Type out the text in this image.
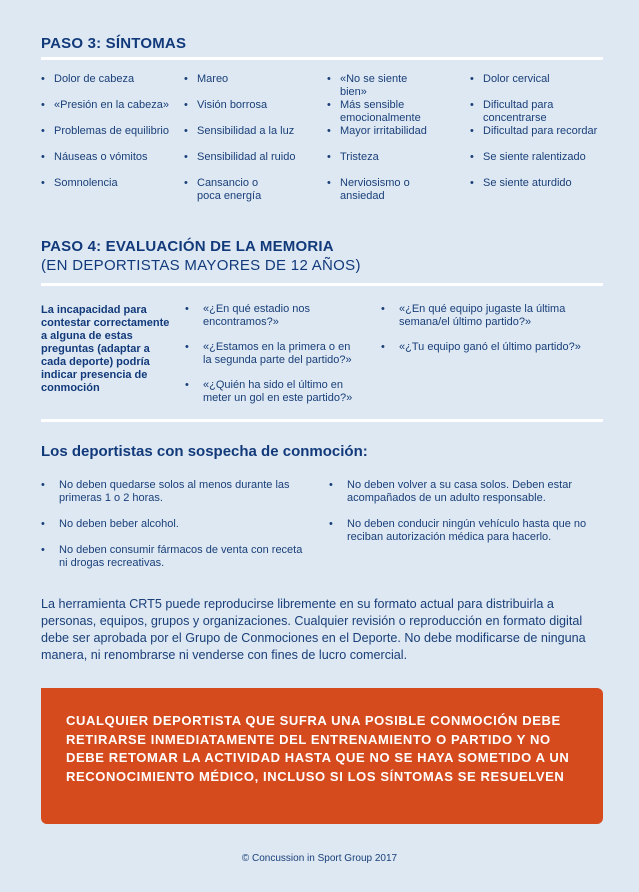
PASO 3: SÍNTOMAS
• Dolor de cabeza
• «Presión en la cabeza»
• Problemas de equilibrio
• Náuseas o vómitos
• Somnolencia
• Mareo
• Visión borrosa
• Sensibilidad a la luz
• Sensibilidad al ruido
• Cansancio o poca energía
• «No se siente bien»
• Más sensible emocionalmente
• Mayor irritabilidad
• Tristeza
• Nerviosismo o ansiedad
• Dolor cervical
• Dificultad para concentrarse
• Dificultad para recordar
• Se siente ralentizado
• Se siente aturdido
PASO 4: EVALUACIÓN DE LA MEMORIA
(EN DEPORTISTAS MAYORES DE 12 AÑOS)
La incapacidad para contestar correctamente a alguna de estas preguntas (adaptar a cada deporte) podría indicar presencia de conmoción
• «¿En qué estadio nos encontramos?»
• «¿Estamos en la primera o en la segunda parte del partido?»
• «¿Quién ha sido el último en meter un gol en este partido?»
• «¿En qué equipo jugaste la última semana/el último partido?»
• «¿Tu equipo ganó el último partido?»
Los deportistas con sospecha de conmoción:
• No deben quedarse solos al menos durante las primeras 1 o 2 horas.
• No deben beber alcohol.
• No deben consumir fármacos de venta con receta ni drogas recreativas.
• No deben volver a su casa solos. Deben estar acompañados de un adulto responsable.
• No deben conducir ningún vehículo hasta que no reciban autorización médica para hacerlo.
La herramienta CRT5 puede reproducirse libremente en su formato actual para distribuirla a personas, equipos, grupos y organizaciones. Cualquier revisión o reproducción en formato digital debe ser aprobada por el Grupo de Conmociones en el Deporte. No debe modificarse de ninguna manera, ni renombrarse ni venderse con fines de lucro comercial.
CUALQUIER DEPORTISTA QUE SUFRA UNA POSIBLE CONMOCIÓN DEBE RETIRARSE INMEDIATAMENTE DEL ENTRENAMIENTO O PARTIDO Y NO DEBE RETOMAR LA ACTIVIDAD HASTA QUE NO SE HAYA SOMETIDO A UN RECONOCIMIENTO MÉDICO, INCLUSO SI LOS SÍNTOMAS SE RESUELVEN
© Concussion in Sport Group 2017
